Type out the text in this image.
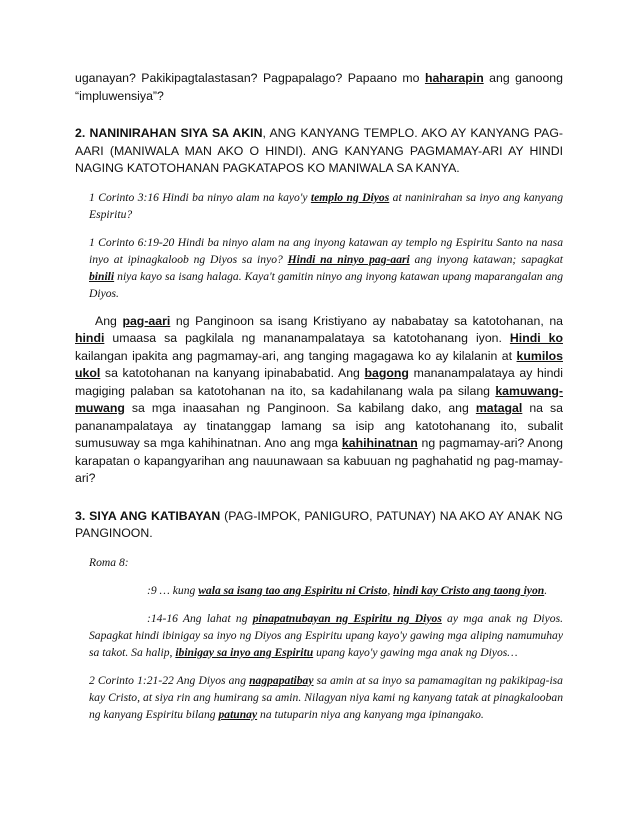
uganayan? Pakikipagtalastasan? Pagpapalago? Papaano mo haharapin ang ganoong “impluwensiya”?

2. NANINIRAHAN SIYA SA AKIN, ANG KANYANG TEMPLO. AKO AY KANYANG PAG-AARI (MANIWALA MAN AKO O HINDI). ANG KANYANG PAGMAMAY-ARI AY HINDI NAGING KATOTOHANAN PAGKATAPOS KO MANIWALA SA KANYA.

1 Corinto 3:16 Hindi ba ninyo alam na kayo'y templo ng Diyos at naninirahan sa inyo ang kanyang Espiritu?

1 Corinto 6:19-20 Hindi ba ninyo alam na ang inyong katawan ay templo ng Espiritu Santo na nasa inyo at ipinagkaloob ng Diyos sa inyo? Hindi na ninyo pag-aari ang inyong katawan; sapagkat binili niya kayo sa isang halaga. Kaya't gamitin ninyo ang inyong katawan upang maparangalan ang Diyos.

Ang pag-aari ng Panginoon sa isang Kristiyano ay nababatay sa katotohanan, na hindi umaasa sa pagkilala ng mananampalataya sa katotohanang iyon. Hindi ko kailangan ipakita ang pagmamay-ari, ang tanging magagawa ko ay kilalanin at kumilos ukol sa katotohanan na kanyang ipinababatid. Ang bagong mananampalataya ay hindi magiging palaban sa katotohanan na ito, sa kadahilanang wala pa silang kamuwang-muwang sa mga inaasahan ng Panginoon. Sa kabilang dako, ang matagal na sa pananampalataya ay tinatanggap lamang sa isip ang katotohanang ito, subalit sumusuway sa mga kahihinatnan. Ano ang mga kahihinatnan ng pagmamay-ari? Anong karapatan o kapangyarihan ang nauunawaan sa kabuuan ng paghahatid ng pag-mamay-ari?

3. SIYA ANG KATIBAYAN (PAG-IMPOK, PANIGURO, PATUNAY) NA AKO AY ANAK NG PANGINOON.

Roma 8:

:9 … kung wala sa isang tao ang Espiritu ni Cristo, hindi kay Cristo ang taong iyon.

:14-16 Ang lahat ng pinapatnubayan ng Espiritu ng Diyos ay mga anak ng Diyos. Sapagkat hindi ibinigay sa inyo ng Diyos ang Espiritu upang kayo'y gawing mga aliping namumuhay sa takot. Sa halip, ibinigay sa inyo ang Espiritu upang kayo'y gawing mga anak ng Diyos…

2 Corinto 1:21-22 Ang Diyos ang nagpapatibay sa amin at sa inyo sa pamamagitan ng pakikipag-isa kay Cristo, at siya rin ang humirang sa amin. Nilagyan niya kami ng kanyang tatak at pinagkalooban ng kanyang Espiritu bilang patunay na tutuparin niya ang kanyang mga ipinangako.
